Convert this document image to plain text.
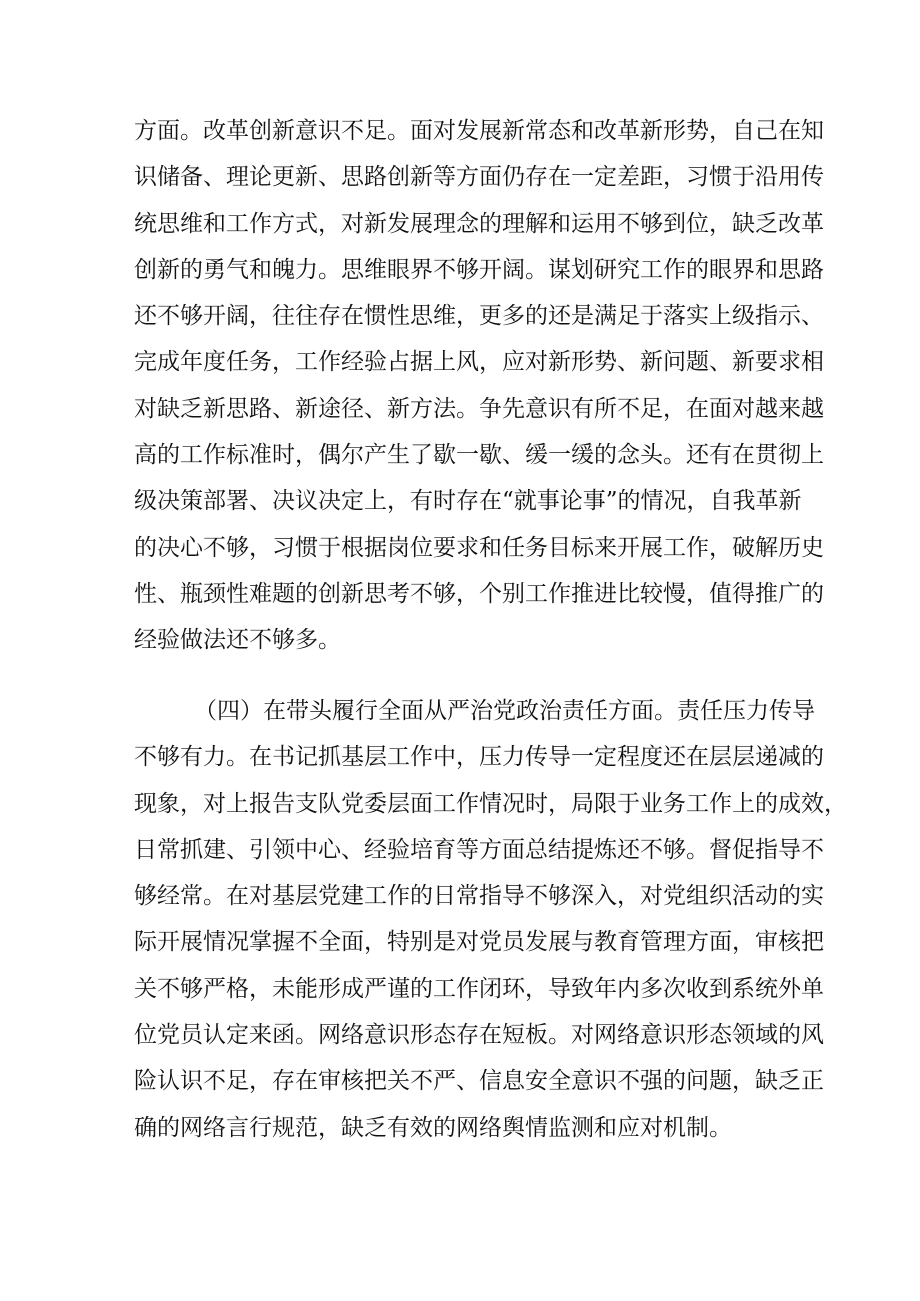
方面。改革创新意识不足。面对发展新常态和改革新形势，自己在知
识储备、理论更新、思路创新等方面仍存在一定差距，习惯于沿用传
统思维和工作方式，对新发展理念的理解和运用不够到位，缺乏改革
创新的勇气和魄力。思维眼界不够开阔。谋划研究工作的眼界和思路
还不够开阔，往往存在惯性思维，更多的还是满足于落实上级指示、
完成年度任务，工作经验占据上风，应对新形势、新问题、新要求相
对缺乏新思路、新途径、新方法。争先意识有所不足，在面对越来越
高的工作标准时，偶尔产生了歇一歇、缓一缓的念头。还有在贯彻上
级决策部署、决议决定上，有时存在“就事论事”的情况，自我革新
的决心不够，习惯于根据岗位要求和任务目标来开展工作，破解历史
性、瓶颈性难题的创新思考不够，个别工作推进比较慢，值得推广的
经验做法还不够多。

（四）在带头履行全面从严治党政治责任方面。责任压力传导
不够有力。在书记抓基层工作中，压力传导一定程度还在层层递减的
现象，对上报告支队党委层面工作情况时，局限于业务工作上的成效，
日常抓建、引领中心、经验培育等方面总结提炼还不够。督促指导不
够经常。在对基层党建工作的日常指导不够深入，对党组织活动的实
际开展情况掌握不全面，特别是对党员发展与教育管理方面，审核把
关不够严格，未能形成严谨的工作闭环，导致年内多次收到系统外单
位党员认定来函。网络意识形态存在短板。对网络意识形态领域的风
险认识不足，存在审核把关不严、信息安全意识不强的问题，缺乏正
确的网络言行规范，缺乏有效的网络舆情监测和应对机制。
